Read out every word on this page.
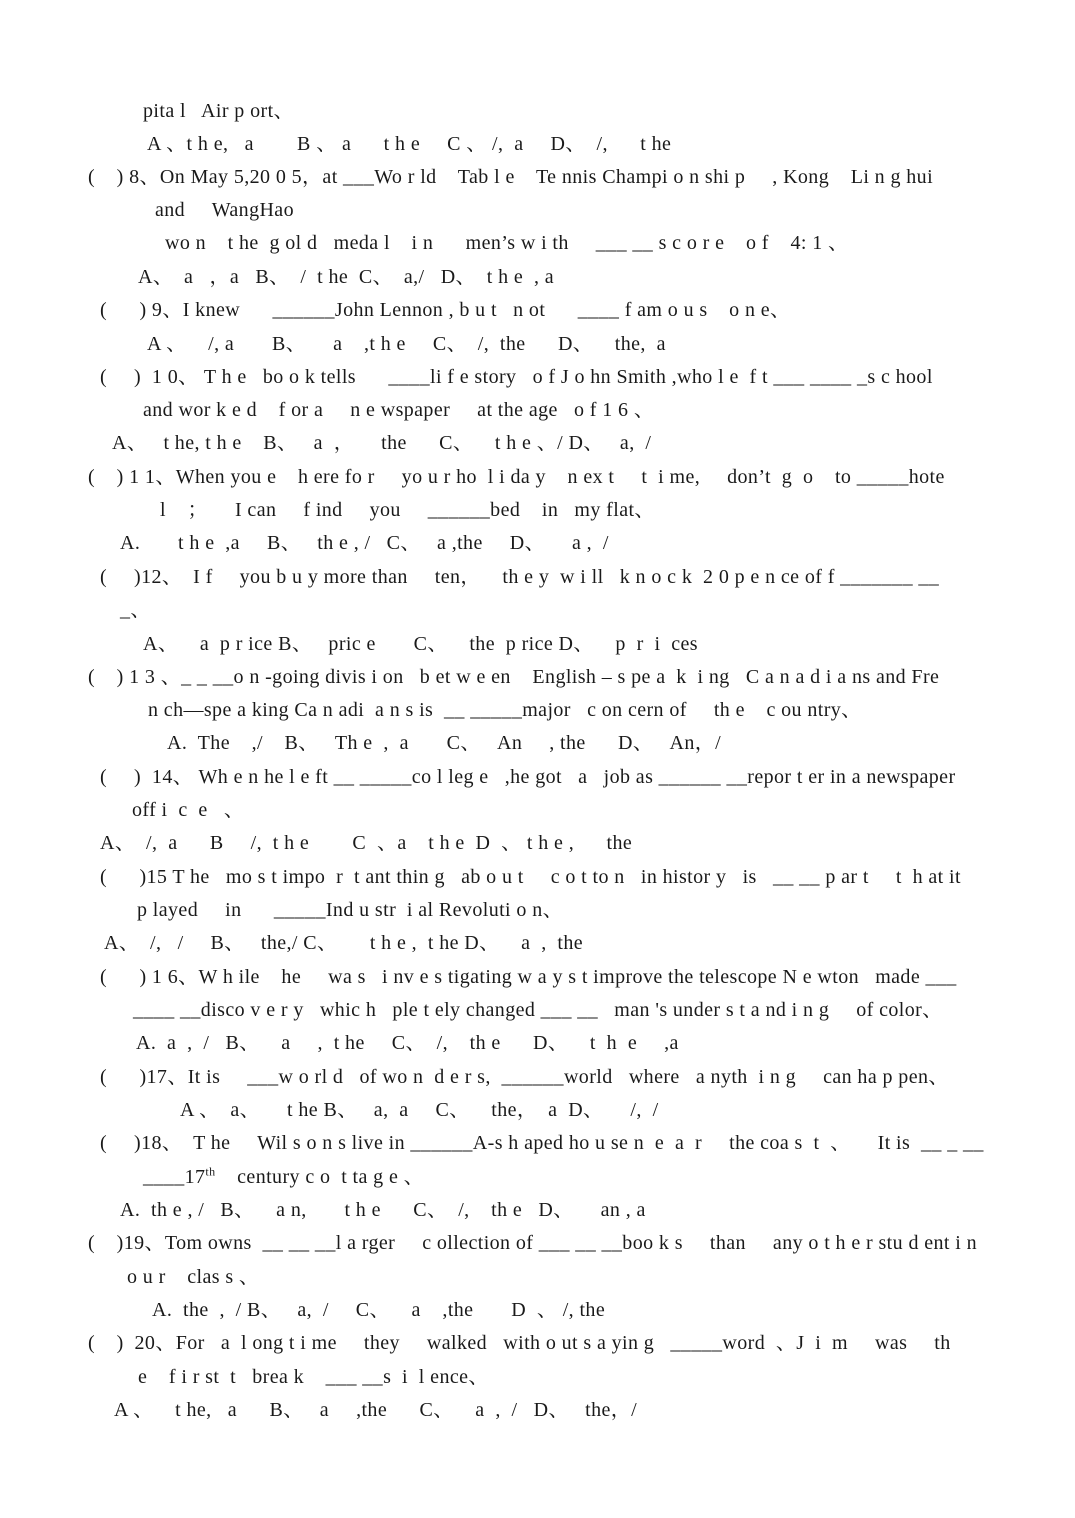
pita l   Air p ort、
A 、t h e,   a        B 、 a      t h e     C 、 /,  a     D、  /,      t he
(    ) 8、On May 5,20 0 5，at ___Wo r ld    Tab l e    Te nnis Champi o n shi p     , Kong    Li n g hui
and     WangHao
wo n    t he  g ol d   meda l    i n      men’s w i th     ___ __ s c o r e    o f    4: 1 、
A、  a   ，a   B、  /  t he  C、  a,/   D、  t h e  , a
(      ) 9、I knew      ______John Lennon , b u t   n ot      ____ f am o u s    o n e、
A 、    /, a       B、     a    ,t h e     C、  /,  the      D、    the,  a
(     )  1 0、 T h e   bo o k tells      ____li f e story   o f J o hn Smith ,who l e  f t ___ ____ _s c hool
and wor k e d    f or a     n e wspaper     at the age   o f 1 6 、
A、   t he, t h e    B、   a  ，     the      C、    t h e 、/ D、   a,  /
(    ) 1 1、When you e    h ere fo r     yo u r ho  l i da y    n ex t     t  i me,     don’t  g  o    to _____hote
l    ；     I can     f ind     you     ______bed    in   my flat、
A.       t h e  ,a     B、   th e , /   C、   a ,the     D、     a ,  /
(     )12、  I f     you b u y more than     ten，    th e y  w i ll   k n o c k  2 0 p e n ce of f _______ __
_、
A、    a  p r ice B、   pric e       C、    the  p rice D、    p  r  i  ces
(    ) 1 3 、_ _ __o n -going divis i on   b et w e en    English – s pe a  k  i ng   C a n a d i a ns and Fre
n ch—spe a king Ca n adi  a n s is  __ _____major   c on cern of     th e    c ou ntry、
A.  The    ,/    B、   Th e  ,  a       C、   An     , the      D、   An，/
(     )  14、 Wh e n he l e ft __ _____co l leg e   ,he got   a   job as ______ __repor t er in a newspaper
off i  c  e   、
A、  /,  a      B     /,  t h e        C  、a    t h e  D  、 t h e ,      the
(      )15 T he   mo s t impo  r  t ant thin g   ab o u t     c o t to n   in histor y   is   __ __ p ar t     t  h at it
p layed     in      _____Ind u str  i al Revoluti o n、
A、  /,   /     B、   the,/ C、      t h e ,  t he D、    a  ,  the
(      ) 1 6、W h ile    he     wa s   i nv e s tigating w a y s t improve the telescope N e wton   made ___
____ __disco v e r y   whic h   ple t ely changed ___ __   man 's under s t a nd i n g     of color、
A.  a  ,  /   B、    a     ,  t he     C、  /,    th e      D、    t  h  e     ,a
(      )17、It is     ___w o rl d   of wo n  d e r s,  ______world   where   a nyth  i n g     can ha p pen、
A 、  a、     t he B、   a,  a     C、    the，  a  D、     /,  /
(     )18、  T he     Wil s o n s live in ______A-s h aped ho u se n  e  a  r     the coa s  t  、     It is  __ _ __
____17th    century c o  t ta g e 、
A.  th e , /   B、    a n,       t h e      C、  /,    th e   D、     an , a
(    )19、Tom owns  __ __ __l a rger     c ollection of ___ __ __boo k s     than     any o t h e r stu d ent i n
o u r    clas s 、
A.  the  ,  / B、   a,  /     C、    a    ,the       D  、 /, the
(    )  20、For   a  l ong t i me     they     walked   with o ut s a yin g   _____word  、J  i  m     was     th
e    f i r st  t   brea k    ___ __s  i  l ence、
A 、    t he,   a      B、   a     ,the      C、    a  ,  /   D、   the，/
